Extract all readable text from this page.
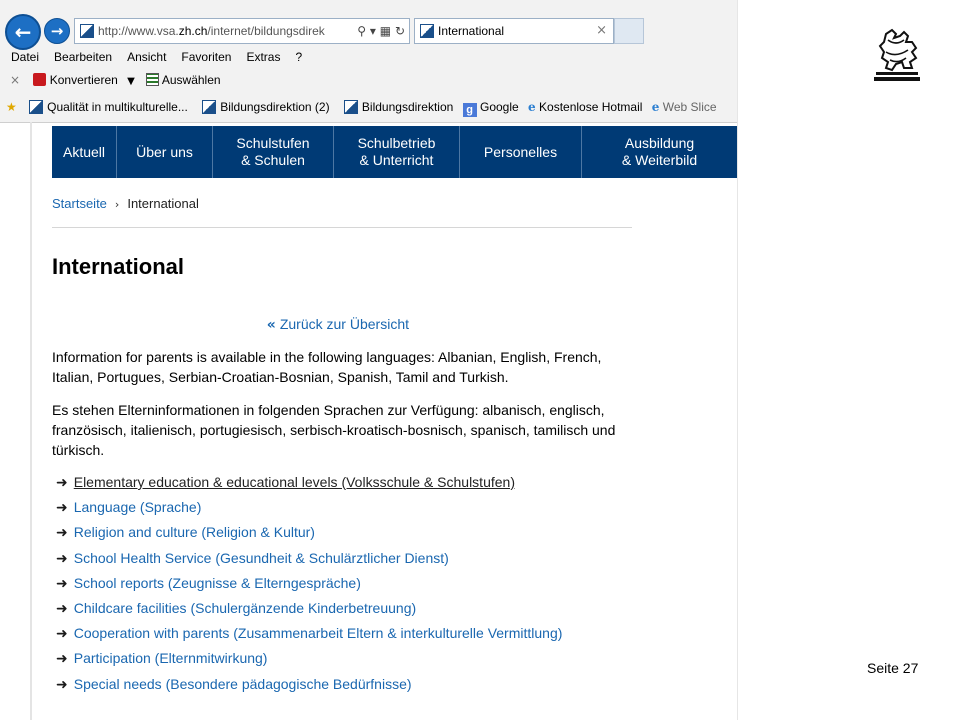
←	→	http://www.vsa.zh.ch/internet/bildungsdirek	⚲ ▾ ▦ ↻	International	×
Datei Bearbeiten Ansicht Favoriten Extras ?
× Konvertieren ▼ Auswählen
★	Qualität in multikulturelle...	Bildungsdirektion (2)	Bildungsdirektion g Google e Kostenlose Hotmail e Web Slice
Aktuell	Über uns
Schulstufen
& Schulen
Schulbetrieb
& Unterricht
Personelles
Ausbildung
& Weiterbild
Startseite › International
International
« Zurück zur Übersicht

Information for parents is available in the following languages: Albanian, English, French, Italian, Portugues, Serbian-Croatian-Bosnian, Spanish, Tamil and Turkish.

Es stehen Elterninformationen in folgenden Sprachen zur Verfügung: albanisch, englisch, französisch, italienisch, portugiesisch, serbisch-kroatisch-bosnisch, spanisch, tamilisch und türkisch.

➜ Elementary education & educational levels (Volksschule & Schulstufen)
➜ Language (Sprache)
➜ Religion and culture (Religion & Kultur)
➜ School Health Service (Gesundheit & Schulärztlicher Dienst)
➜ School reports (Zeugnisse & Elterngespräche)
➜ Childcare facilities (Schulergänzende Kinderbetreuung)
➜ Cooperation with parents (Zusammenarbeit Eltern & interkulturelle Vermittlung)
➜ Participation (Elternmitwirkung)
➜ Special needs (Besondere pädagogische Bedürfnisse)
Seite 27
